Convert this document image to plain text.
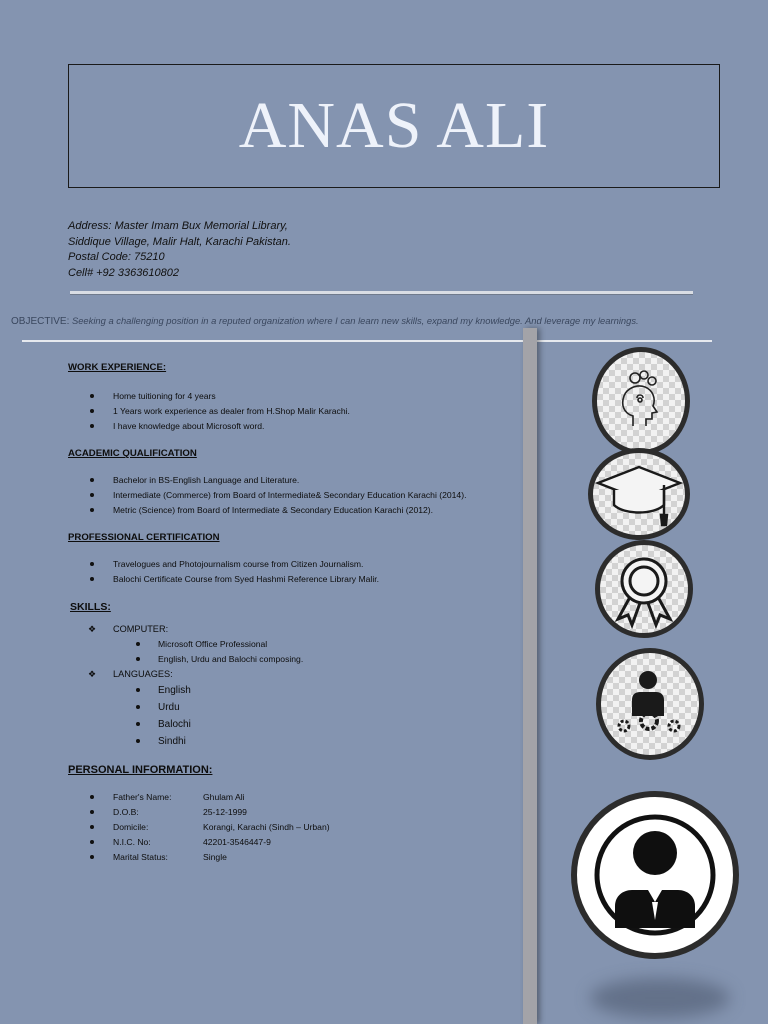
ANAS ALI
Address: Master Imam Bux Memorial Library,
Siddique Village, Malir Halt, Karachi Pakistan.
Postal Code: 75210
Cell# +92 3363610802
OBJECTIVE: Seeking a challenging position in a reputed organization where I can learn new skills, expand my knowledge. And leverage my learnings.

WORK EXPERIENCE:

Home tuitioning for 4 years
1 Years work experience as dealer from H.Shop Malir Karachi.
I have knowledge about Microsoft word.

ACADEMIC QUALIFICATION

Bachelor in BS-English Language and Literature.
Intermediate (Commerce) from Board of Intermediate& Secondary Education Karachi (2014).
Metric (Science) from Board of Intermediate & Secondary Education Karachi (2012).

PROFESSIONAL CERTIFICATION

Travelogues and Photojournalism course from Citizen Journalism.
Balochi Certificate Course from Syed Hashmi Reference Library Malir.

SKILLS:

❖ COMPUTER:
Microsoft Office Professional
English, Urdu and Balochi composing.
❖ LANGUAGES:
English
Urdu
Balochi
Sindhi

PERSONAL INFORMATION:

Father's Name:	Ghulam Ali
D.O.B:	25-12-1999
Domicile:	Korangi, Karachi (Sindh – Urban)
N.I.C. No:	42201-3546447-9
Marital Status:	Single
